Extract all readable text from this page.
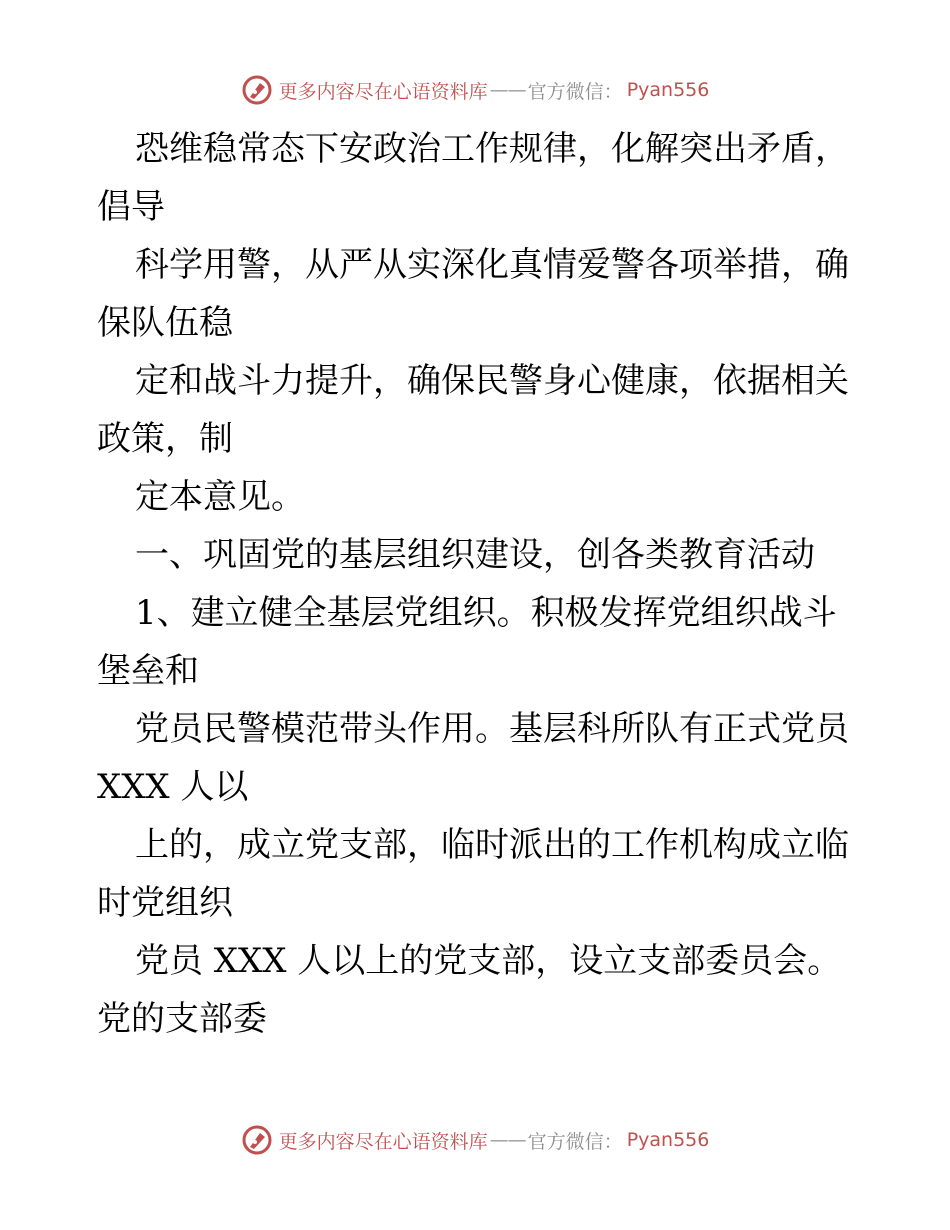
更多内容尽在心语资料库 —— 官方微信： Pyan556

恐维稳常态下安政治工作规律，化解突出矛盾，倡导

科学用警，从严从实深化真情爱警各项举措，确保队伍稳

定和战斗力提升，确保民警身心健康，依据相关政策，制

定本意见。

一、巩固党的基层组织建设，创各类教育活动

1、建立健全基层党组织。积极发挥党组织战斗堡垒和

党员民警模范带头作用。基层科所队有正式党员 XXX 人以

上的，成立党支部，临时派出的工作机构成立临时党组织

党员 XXX 人以上的党支部，设立支部委员会。党的支部委

更多内容尽在心语资料库 —— 官方微信： Pyan556
